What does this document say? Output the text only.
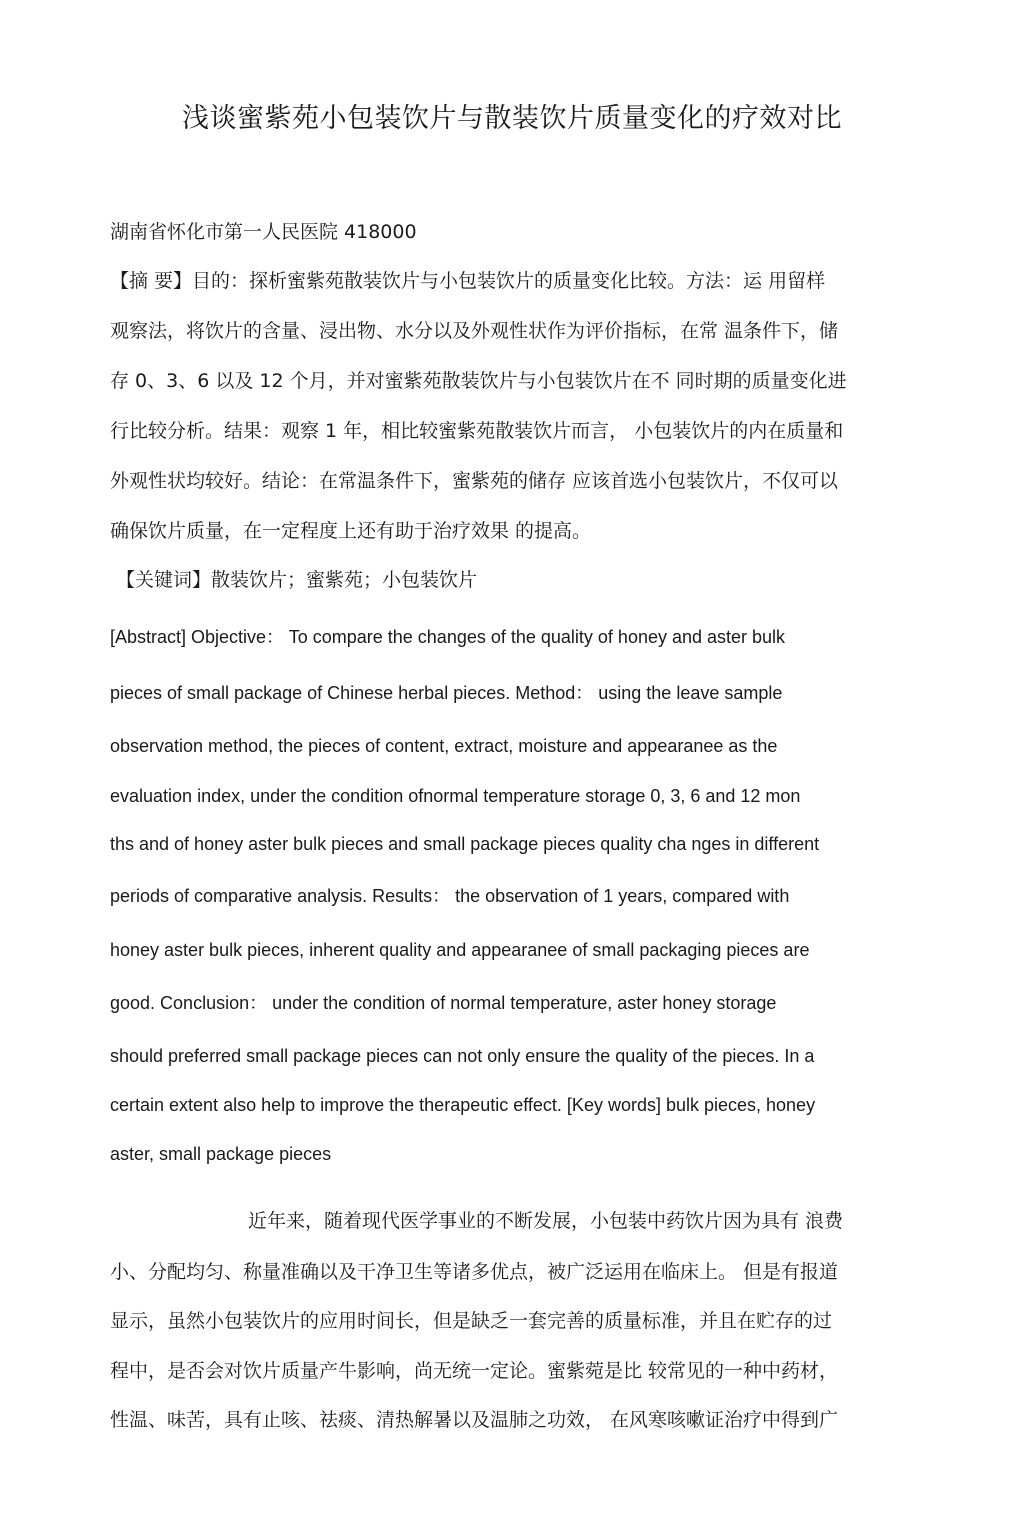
浅谈蜜紫苑小包装饮片与散装饮片质量变化的疗效对比
湖南省怀化市第一人民医院 418000
【摘 要】目的：探析蜜紫苑散装饮片与小包装饮片的质量变化比较。方法：运 用留样
观察法，将饮片的含量、浸出物、水分以及外观性状作为评价指标，在常 温条件下，储
存 0、3、6 以及 12 个月，并对蜜紫苑散装饮片与小包装饮片在不 同时期的质量变化进
行比较分析。结果：观察 1 年，相比较蜜紫苑散装饮片而言， 小包装饮片的内在质量和
外观性状均较好。结论：在常温条件下，蜜紫苑的储存 应该首选小包装饮片，不仅可以
确保饮片质量，在一定程度上还有助于治疗效果 的提高。
【关键词】散装饮片；蜜紫苑；小包装饮片
[Abstract] Objective： To compare the changes of the quality of honey and aster bulk
pieces of small package of Chinese herbal pieces. Method： using the leave sample
observation method, the pieces of content, extract, moisture and appearanee as the
evaluation index, under the condition ofnormal temperature storage 0, 3, 6 and 12 mon
ths and of honey aster bulk pieces and small package pieces quality cha nges in different
periods of comparative analysis. Results： the observation of 1 years, compared with
honey aster bulk pieces, inherent quality and appearanee of small packaging pieces are
good. Conclusion： under the condition of normal temperature, aster honey storage
should preferred small package pieces can not only ensure the quality of the pieces. In a
certain extent also help to improve the therapeutic effect. [Key words] bulk pieces, honey
aster, small package pieces
近年来，随着现代医学事业的不断发展，小包装中药饮片因为具有 浪费
小、分配均匀、称量准确以及干净卫生等诸多优点，被广泛运用在临床上。 但是有报道
显示，虽然小包装饮片的应用时间长，但是缺乏一套完善的质量标准，并且在贮存的过
程中，是否会对饮片质量产牛影响，尚无统一定论。蜜紫菀是比 较常见的一种中药材，
性温、味苦，具有止咳、祛痰、清热解暑以及温肺之功效， 在风寒咳嗽证治疗中得到广
